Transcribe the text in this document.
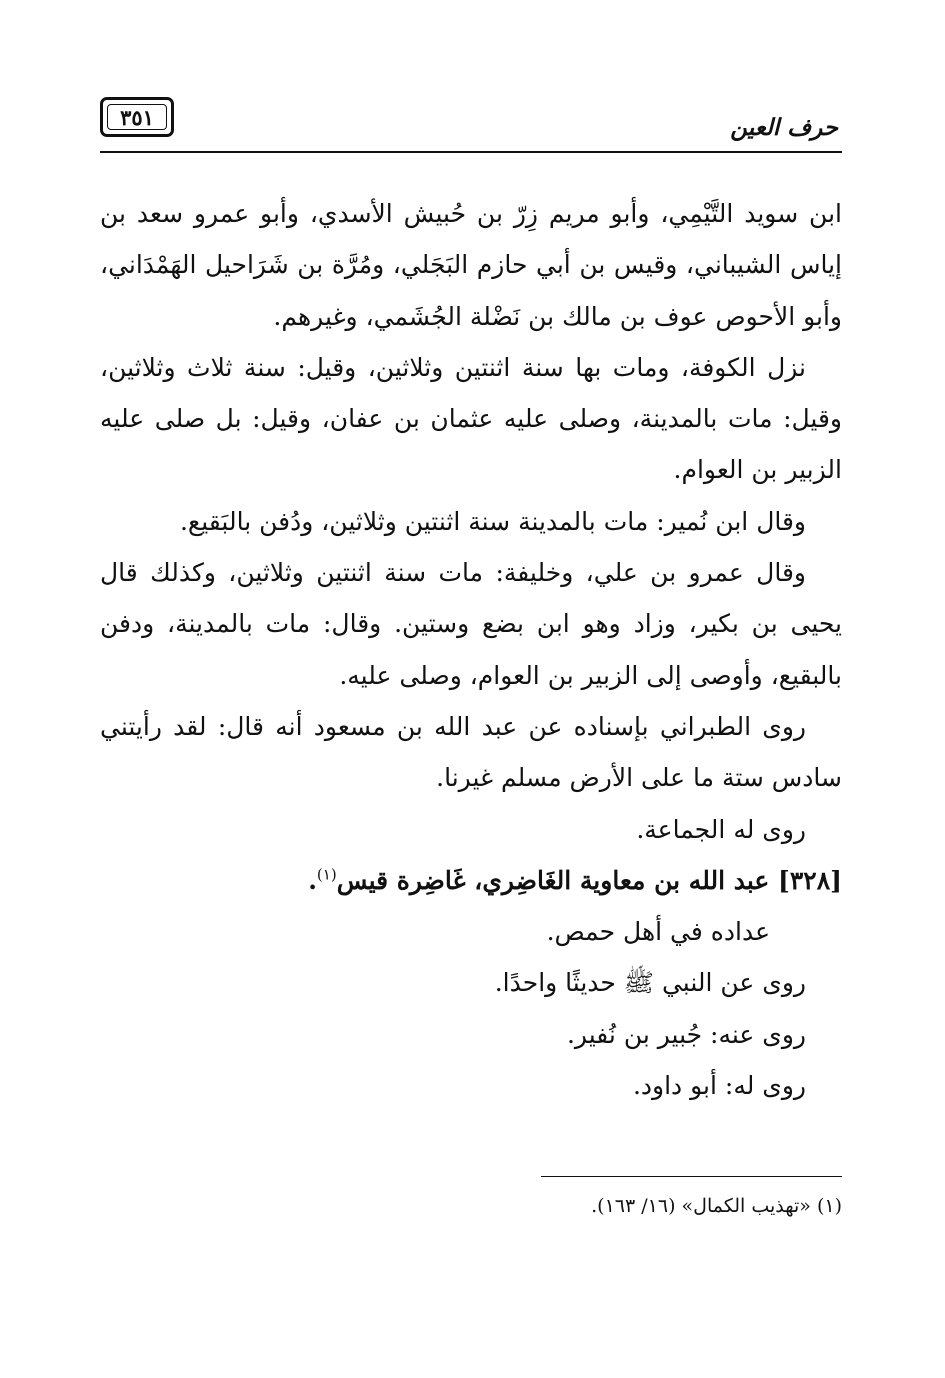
٣٥١	حرف العين

ابن سويد التَّيْمِي، وأبو مريم زِرّ بن حُبيش الأسدي، وأبو عمرو سعد بن إياس الشيباني، وقيس بن أبي حازم البَجَلي، ومُرَّة بن شَرَاحيل الهَمْدَاني، وأبو الأحوص عوف بن مالك بن نَضْلة الجُشَمي، وغيرهم.

نزل الكوفة، ومات بها سنة اثنتين وثلاثين، وقيل: سنة ثلاث وثلاثين، وقيل: مات بالمدينة، وصلى عليه عثمان بن عفان، وقيل: بل صلى عليه الزبير بن العوام.

وقال ابن نُمير: مات بالمدينة سنة اثنتين وثلاثين، ودُفن بالبَقيع.

وقال عمرو بن علي، وخليفة: مات سنة اثنتين وثلاثين، وكذلك قال يحيى بن بكير، وزاد وهو ابن بضع وستين. وقال: مات بالمدينة، ودفن بالبقيع، وأوصى إلى الزبير بن العوام، وصلى عليه.

روى الطبراني بإسناده عن عبد الله بن مسعود أنه قال: لقد رأيتني سادس ستة ما على الأرض مسلم غيرنا.

روى له الجماعة.

[٣٢٨] عبد الله بن معاوية الغَاضِري، غَاضِرة قيس$^{(١)}$.

عداده في أهل حمص.

روى عن النبي ﷺ حديثًا واحدًا.

روى عنه: جُبير بن نُفير.

روى له: أبو داود.

(١) «تهذيب الكمال» (١٦/ ١٦٣).
